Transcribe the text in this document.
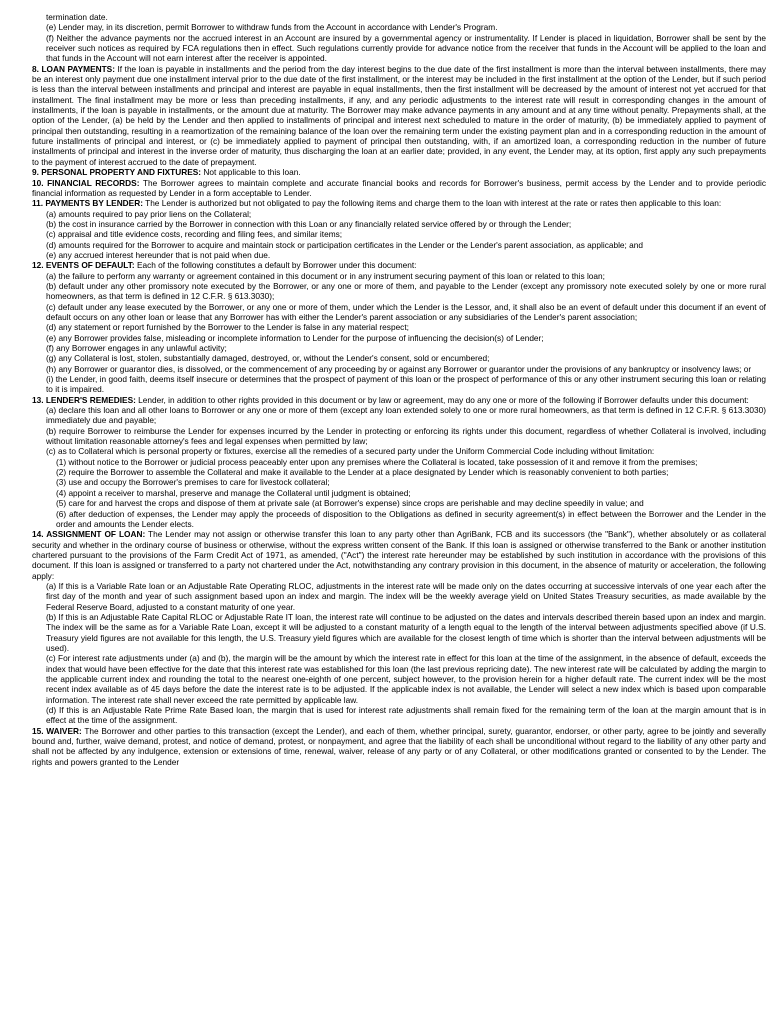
termination date.

(e) Lender may, in its discretion, permit Borrower to withdraw funds from the Account in accordance with Lender's Program.

(f) Neither the advance payments nor the accrued interest in an Account are insured by a governmental agency or instrumentality. If Lender is placed in liquidation, Borrower shall be sent by the receiver such notices as required by FCA regulations then in effect. Such regulations currently provide for advance notice from the receiver that funds in the Account will be applied to the loan and that funds in the Account will not earn interest after the receiver is appointed.

8. LOAN PAYMENTS: If the loan is payable in installments and the period from the day interest begins to the due date of the first installment is more than the interval between installments, there may be an interest only payment due one installment interval prior to the due date of the first installment, or the interest may be included in the first installment at the option of the Lender, but if such period is less than the interval between installments and principal and interest are payable in equal installments, then the first installment will be decreased by the amount of interest not yet accrued for that installment. The final installment may be more or less than preceding installments, if any, and any periodic adjustments to the interest rate will result in corresponding changes in the amount of installments, if the loan is payable in installments, or the amount due at maturity. The Borrower may make advance payments in any amount and at any time without penalty. Prepayments shall, at the option of the Lender, (a) be held by the Lender and then applied to installments of principal and interest next scheduled to mature in the order of maturity, (b) be immediately applied to payment of principal then outstanding, resulting in a reamortization of the remaining balance of the loan over the remaining term under the existing payment plan and in a corresponding reduction in the amount of future installments of principal and interest, or (c) be immediately applied to payment of principal then outstanding, with, if an amortized loan, a corresponding reduction in the number of future installments of principal and interest in the inverse order of maturity, thus discharging the loan at an earlier date; provided, in any event, the Lender may, at its option, first apply any such prepayments to the payment of interest accrued to the date of prepayment.

9. PERSONAL PROPERTY AND FIXTURES: Not applicable to this loan.

10. FINANCIAL RECORDS: The Borrower agrees to maintain complete and accurate financial books and records for Borrower's business, permit access by the Lender and to provide periodic financial information as requested by Lender in a form acceptable to Lender.

11. PAYMENTS BY LENDER: The Lender is authorized but not obligated to pay the following items and charge them to the loan with interest at the rate or rates then applicable to this loan:

(a) amounts required to pay prior liens on the Collateral;

(b) the cost in insurance carried by the Borrower in connection with this Loan or any financially related service offered by or through the Lender;

(c) appraisal and title evidence costs, recording and filing fees, and similar items;

(d) amounts required for the Borrower to acquire and maintain stock or participation certificates in the Lender or the Lender's parent association, as applicable; and

(e) any accrued interest hereunder that is not paid when due.

12. EVENTS OF DEFAULT: Each of the following constitutes a default by Borrower under this document:

(a) the failure to perform any warranty or agreement contained in this document or in any instrument securing payment of this loan or related to this loan;

(b) default under any other promissory note executed by the Borrower, or any one or more of them, and payable to the Lender (except any promissory note executed solely by one or more rural homeowners, as that term is defined in 12 C.F.R. § 613.3030);

(c) default under any lease executed by the Borrower, or any one or more of them, under which the Lender is the Lessor, and, it shall also be an event of default under this document if an event of default occurs on any other loan or lease that any Borrower has with either the Lender's parent association or any subsidiaries of the Lender's parent association;

(d) any statement or report furnished by the Borrower to the Lender is false in any material respect;

(e) any Borrower provides false, misleading or incomplete information to Lender for the purpose of influencing the decision(s) of Lender;

(f) any Borrower engages in any unlawful activity;

(g) any Collateral is lost, stolen, substantially damaged, destroyed, or, without the Lender's consent, sold or encumbered;

(h) any Borrower or guarantor dies, is dissolved, or the commencement of any proceeding by or against any Borrower or guarantor under the provisions of any bankruptcy or insolvency laws; or

(i) the Lender, in good faith, deems itself insecure or determines that the prospect of payment of this loan or the prospect of performance of this or any other instrument securing this loan or relating to it is impaired.

13. LENDER'S REMEDIES: Lender, in addition to other rights provided in this document or by law or agreement, may do any one or more of the following if Borrower defaults under this document:

(a) declare this loan and all other loans to Borrower or any one or more of them (except any loan extended solely to one or more rural homeowners, as that term is defined in 12 C.F.R. § 613.3030) immediately due and payable;

(b) require Borrower to reimburse the Lender for expenses incurred by the Lender in protecting or enforcing its rights under this document, regardless of whether Collateral is involved, including without limitation reasonable attorney's fees and legal expenses when permitted by law;

(c) as to Collateral which is personal property or fixtures, exercise all the remedies of a secured party under the Uniform Commercial Code including without limitation:

(1) without notice to the Borrower or judicial process peaceably enter upon any premises where the Collateral is located, take possession of it and remove it from the premises;

(2) require the Borrower to assemble the Collateral and make it available to the Lender at a place designated by Lender which is reasonably convenient to both parties;

(3) use and occupy the Borrower's premises to care for livestock collateral;

(4) appoint a receiver to marshal, preserve and manage the Collateral until judgment is obtained;

(5) care for and harvest the crops and dispose of them at private sale (at Borrower's expense) since crops are perishable and may decline speedily in value; and

(6) after deduction of expenses, the Lender may apply the proceeds of disposition to the Obligations as defined in security agreement(s) in effect between the Borrower and the Lender in the order and amounts the Lender elects.

14. ASSIGNMENT OF LOAN: The Lender may not assign or otherwise transfer this loan to any party other than AgriBank, FCB and its successors (the "Bank"), whether absolutely or as collateral security and whether in the ordinary course of business or otherwise, without the express written consent of the Bank. If this loan is assigned or otherwise transferred to the Bank or another institution chartered pursuant to the provisions of the Farm Credit Act of 1971, as amended, ("Act") the interest rate hereunder may be established by such institution in accordance with the provisions of this document. If this loan is assigned or transferred to a party not chartered under the Act, notwithstanding any contrary provision in this document, in the absence of maturity or acceleration, the following apply:

(a) If this is a Variable Rate loan or an Adjustable Rate Operating RLOC, adjustments in the interest rate will be made only on the dates occurring at successive intervals of one year each after the first day of the month and year of such assignment based upon an index and margin. The index will be the weekly average yield on United States Treasury securities, as made available by the Federal Reserve Board, adjusted to a constant maturity of one year.

(b) If this is an Adjustable Rate Capital RLOC or Adjustable Rate IT loan, the interest rate will continue to be adjusted on the dates and intervals described therein based upon an index and margin. The index will be the same as for a Variable Rate Loan, except it will be adjusted to a constant maturity of a length equal to the length of the interval between adjustments specified above (if U.S. Treasury yield figures are not available for this length, the U.S. Treasury yield figures which are available for the closest length of time which is shorter than the interval between adjustments will be used).

(c) For interest rate adjustments under (a) and (b), the margin will be the amount by which the interest rate in effect for this loan at the time of the assignment, in the absence of default, exceeds the index that would have been effective for the date that this interest rate was established for this loan (the last previous repricing date). The new interest rate will be calculated by adding the margin to the applicable current index and rounding the total to the nearest one-eighth of one percent, subject however, to the provision herein for a higher default rate. The current index will be the most recent index available as of 45 days before the date the interest rate is to be adjusted. If the applicable index is not available, the Lender will select a new index which is based upon comparable information. The interest rate shall never exceed the rate permitted by applicable law.

(d) If this is an Adjustable Rate Prime Rate Based loan, the margin that is used for interest rate adjustments shall remain fixed for the remaining term of the loan at the margin amount that is in effect at the time of the assignment.

15. WAIVER: The Borrower and other parties to this transaction (except the Lender), and each of them, whether principal, surety, guarantor, endorser, or other party, agree to be jointly and severally bound and, further, waive demand, protest, and notice of demand, protest, or nonpayment, and agree that the liability of each shall be unconditional without regard to the liability of any other party and shall not be affected by any indulgence, extension or extensions of time, renewal, waiver, release of any party or of any Collateral, or other modifications granted or consented to by the Lender. The rights and powers granted to the Lender
